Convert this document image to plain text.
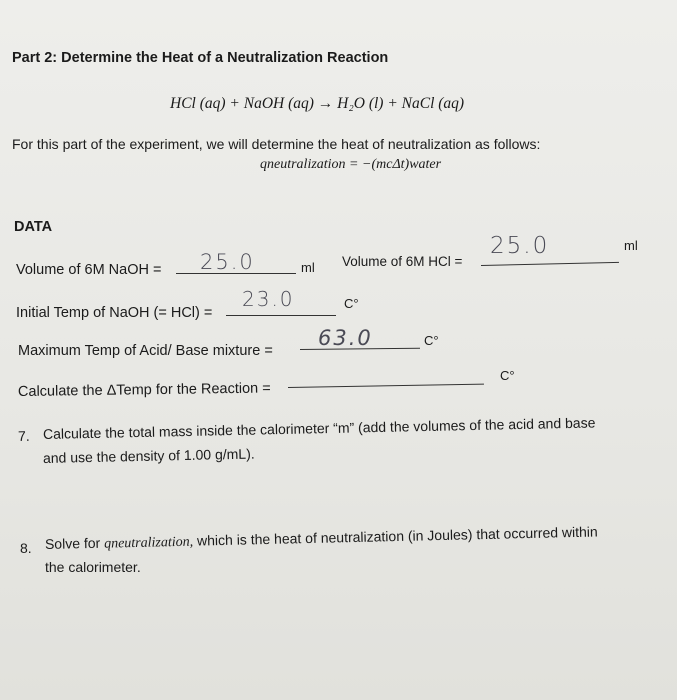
Part 2: Determine the Heat of a Neutralization Reaction
HCl (aq) + NaOH (aq) → H₂O (l) + NaCl (aq)
For this part of the experiment, we will determine the heat of neutralization as follows:
qneutralization = −(mcΔt)water
DATA
Volume of 6M NaOH = 25.0	ml Volume of 6M HCl =
25.0	ml
Initial Temp of NaOH (= HCl) =
23.0	C°
Maximum Temp of Acid/ Base mixture =
63.0	C°
Calculate the ΔTemp for the Reaction =
C°
7. Calculate the total mass inside the calorimeter “m” (add the volumes of the acid and base
and use the density of 1.00 g/mL).
8. Solve for qneutralization, which is the heat of neutralization (in Joules) that occurred within
the calorimeter.
